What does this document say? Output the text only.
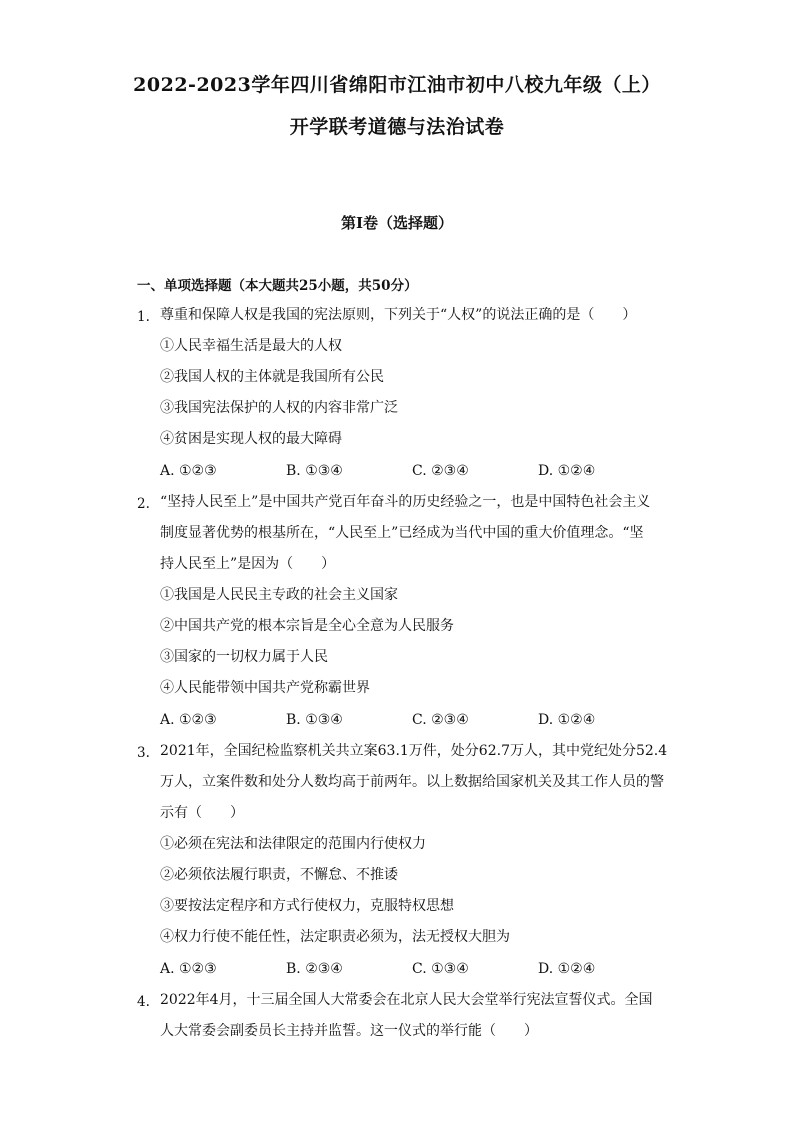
2022-2023学年四川省绵阳市江油市初中八校九年级（上）
开学联考道德与法治试卷
第I卷（选择题）
一、单项选择题（本大题共25小题，共50分）
1. 尊重和保障人权是我国的宪法原则，下列关于“人权”的说法正确的是（　　）
①人民幸福生活是最大的人权
②我国人权的主体就是我国所有公民
③我国宪法保护的人权的内容非常广泛
④贫困是实现人权的最大障碍
A. ①②③	B. ①③④	C. ②③④	D. ①②④
2. “坚持人民至上”是中国共产党百年奋斗的历史经验之一，也是中国特色社会主义
制度显著优势的根基所在，“人民至上”已经成为当代中国的重大价值理念。“坚
持人民至上”是因为（　　）
①我国是人民民主专政的社会主义国家
②中国共产党的根本宗旨是全心全意为人民服务
③国家的一切权力属于人民
④人民能带领中国共产党称霸世界
A. ①②③	B. ①③④	C. ②③④	D. ①②④
3. 2021年，全国纪检监察机关共立案63.1万件，处分62.7万人，其中党纪处分52.4
万人，立案件数和处分人数均高于前两年。以上数据给国家机关及其工作人员的警
示有（　　）
①必须在宪法和法律限定的范围内行使权力
②必须依法履行职责，不懈怠、不推诿
③要按法定程序和方式行使权力，克服特权思想
④权力行使不能任性，法定职责必须为，法无授权大胆为
A. ①②③	B. ②③④	C. ①③④	D. ①②④
4. 2022年4月，十三届全国人大常委会在北京人民大会堂举行宪法宣誓仪式。全国
人大常委会副委员长主持并监誓。这一仪式的举行能（　　）
